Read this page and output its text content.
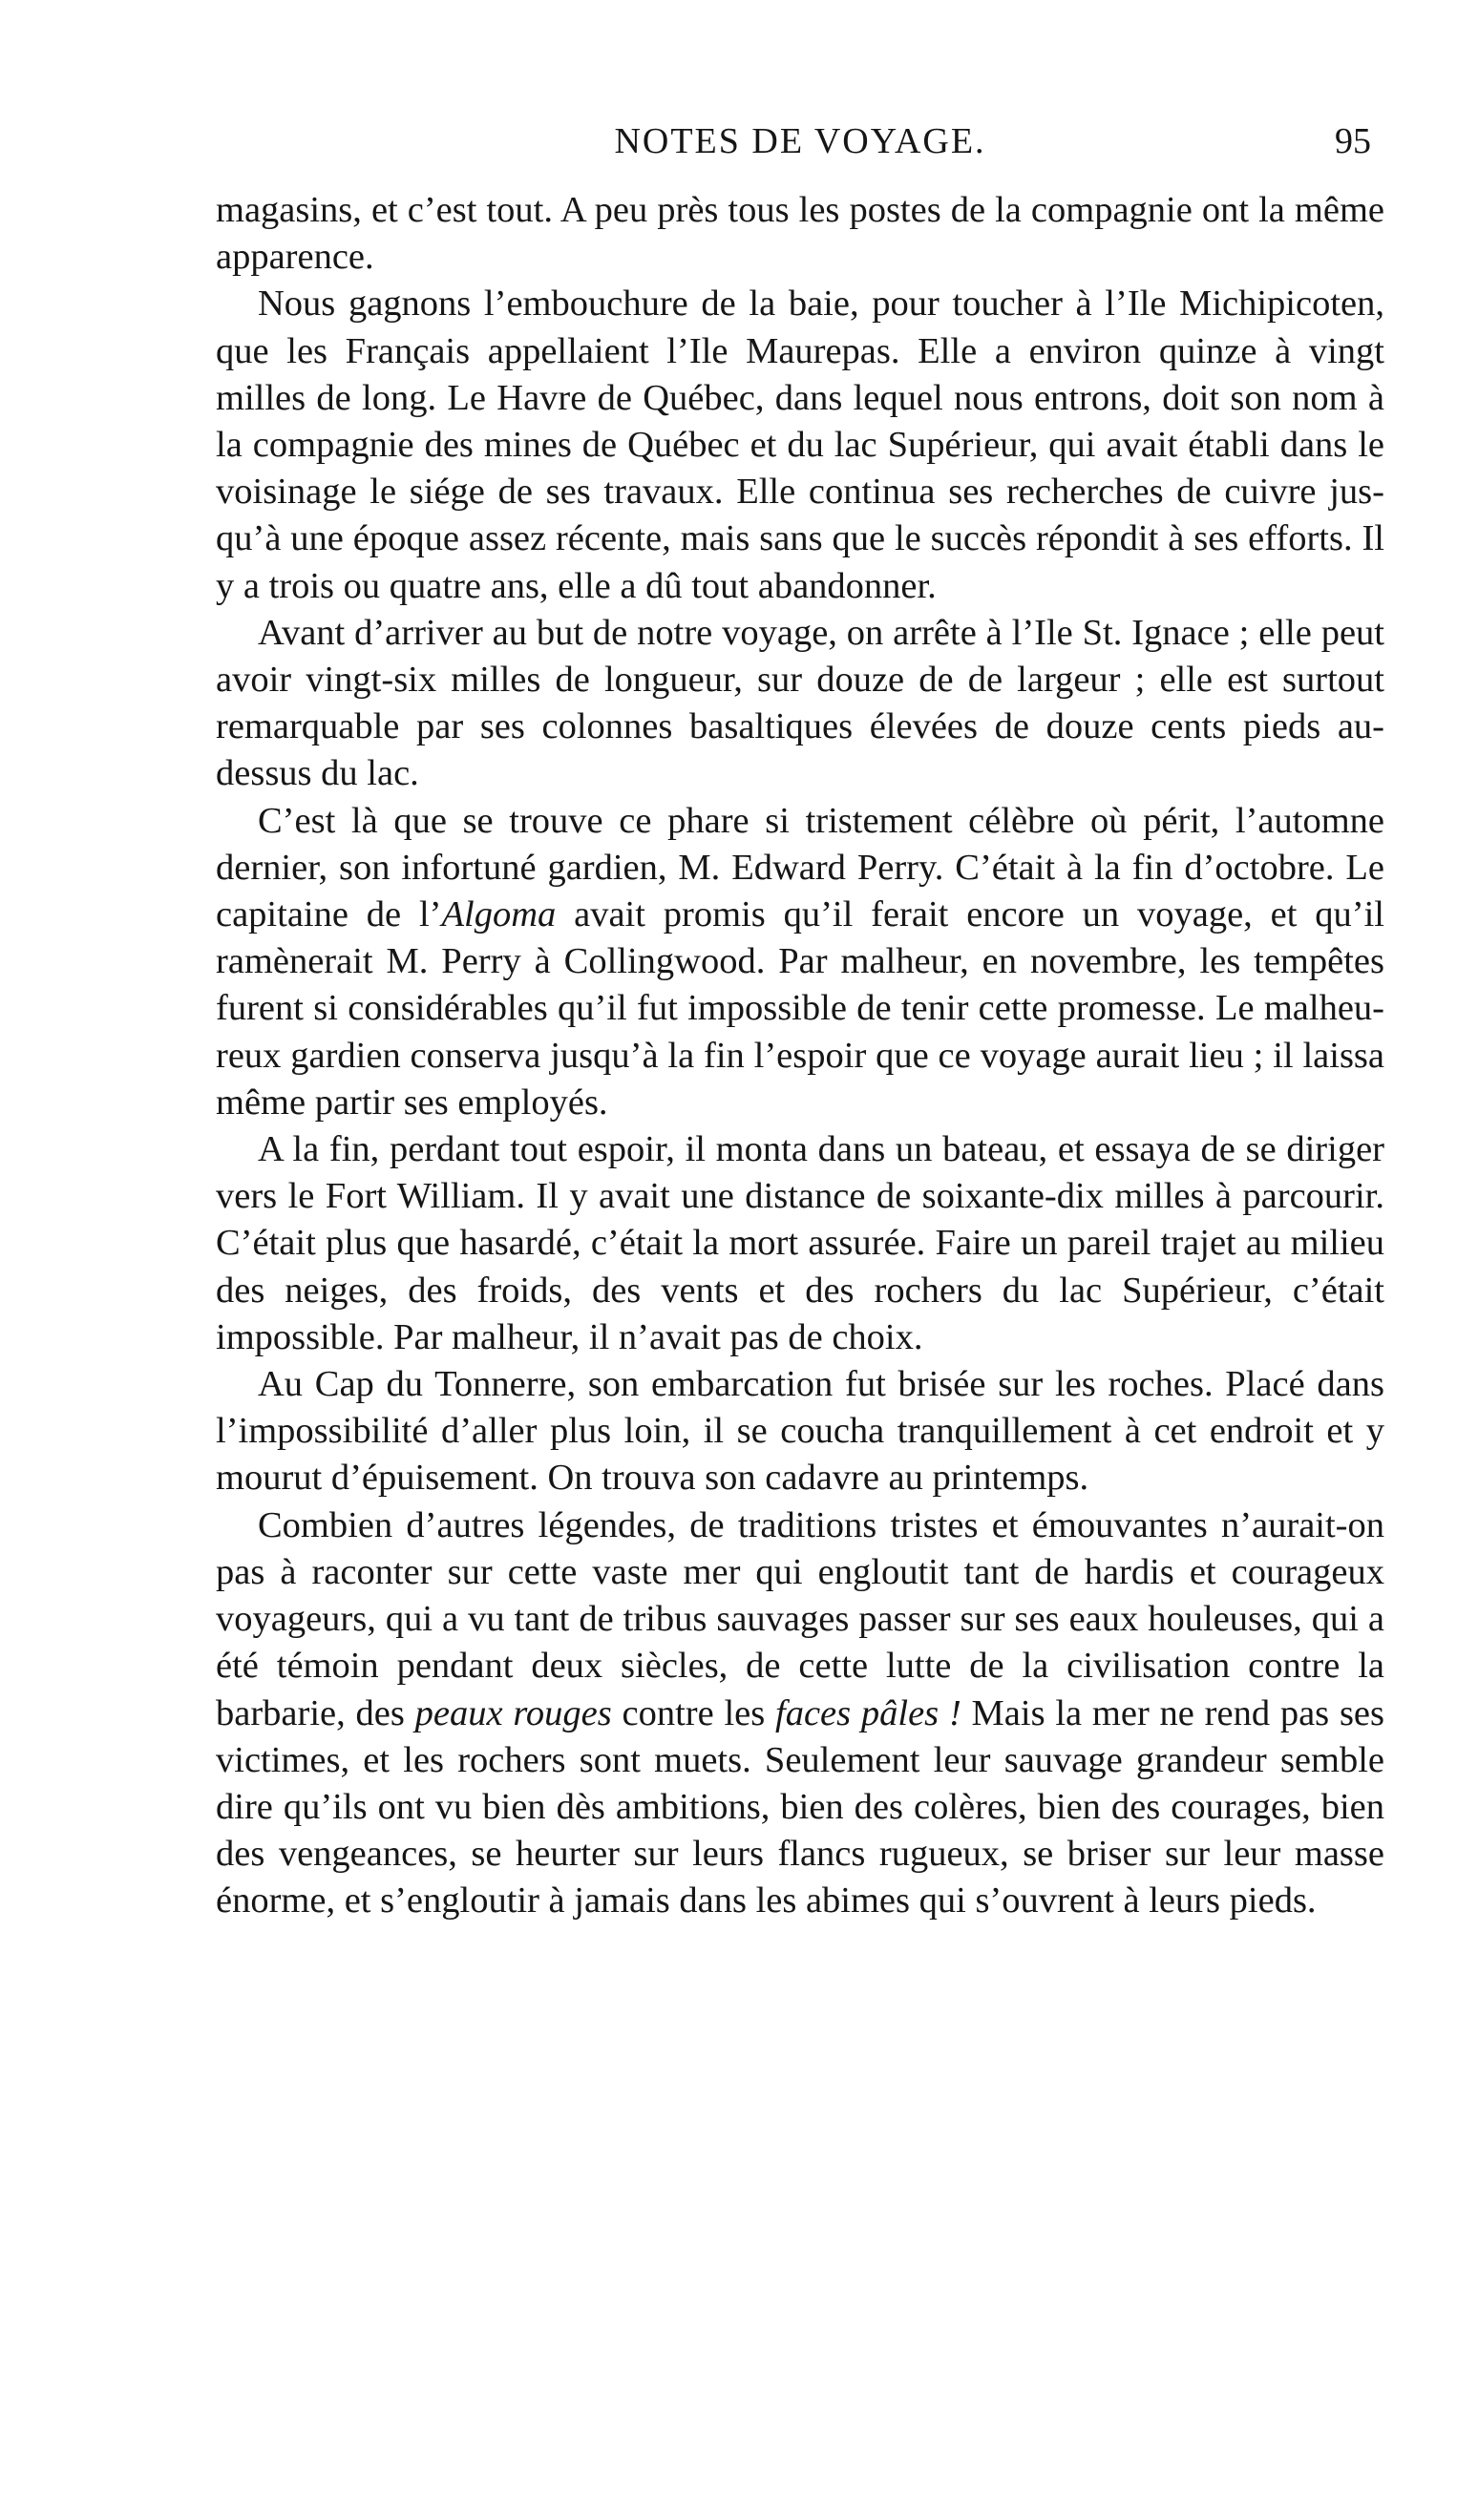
NOTES DE VOYAGE.	95

magasins, et c’est tout. A peu près tous les postes de la compagnie ont la même apparence.

Nous gagnons l’embouchure de la baie, pour toucher à l’Ile Michipicoten, que les Français appellaient l’Ile Maurepas. Elle a environ quinze à vingt milles de long. Le Havre de Québec, dans lequel nous entrons, doit son nom à la compagnie des mines de Québec et du lac Supérieur, qui avait établi dans le voisinage le siége de ses travaux. Elle continua ses recherches de cuivre jusqu’à une époque assez récente, mais sans que le succès répondit à ses efforts. Il y a trois ou quatre ans, elle a dû tout abandonner.

Avant d’arriver au but de notre voyage, on arrête à l’Ile St. Ignace ; elle peut avoir vingt-six milles de longueur, sur douze de de largeur ; elle est surtout remarquable par ses colonnes basaltiques élevées de douze cents pieds au-dessus du lac.

C’est là que se trouve ce phare si tristement célèbre où périt, l’automne dernier, son infortuné gardien, M. Edward Perry. C’était à la fin d’octobre. Le capitaine de l’Algoma avait promis qu’il ferait encore un voyage, et qu’il ramènerait M. Perry à Collingwood. Par malheur, en novembre, les tempêtes furent si considérables qu’il fut impossible de tenir cette promesse. Le malheureux gardien conserva jusqu’à la fin l’espoir que ce voyage aurait lieu ; il laissa même partir ses employés.

A la fin, perdant tout espoir, il monta dans un bateau, et essaya de se diriger vers le Fort William. Il y avait une distance de soixante-dix milles à parcourir. C’était plus que hasardé, c’était la mort assurée. Faire un pareil trajet au milieu des neiges, des froids, des vents et des rochers du lac Supérieur, c’était impossible. Par malheur, il n’avait pas de choix.

Au Cap du Tonnerre, son embarcation fut brisée sur les roches. Placé dans l’impossibilité d’aller plus loin, il se coucha tranquillement à cet endroit et y mourut d’épuisement. On trouva son cadavre au printemps.

Combien d’autres légendes, de traditions tristes et émouvantes n’aurait-on pas à raconter sur cette vaste mer qui engloutit tant de hardis et courageux voyageurs, qui a vu tant de tribus sauvages passer sur ses eaux houleuses, qui a été témoin pendant deux siècles, de cette lutte de la civilisation contre la barbarie, des peaux rouges contre les faces pâles ! Mais la mer ne rend pas ses victimes, et les rochers sont muets. Seulement leur sauvage grandeur semble dire qu’ils ont vu bien dès ambitions, bien des colères, bien des courages, bien des vengeances, se heurter sur leurs flancs rugueux, se briser sur leur masse énorme, et s’engloutir à jamais dans les abimes qui s’ouvrent à leurs pieds.
